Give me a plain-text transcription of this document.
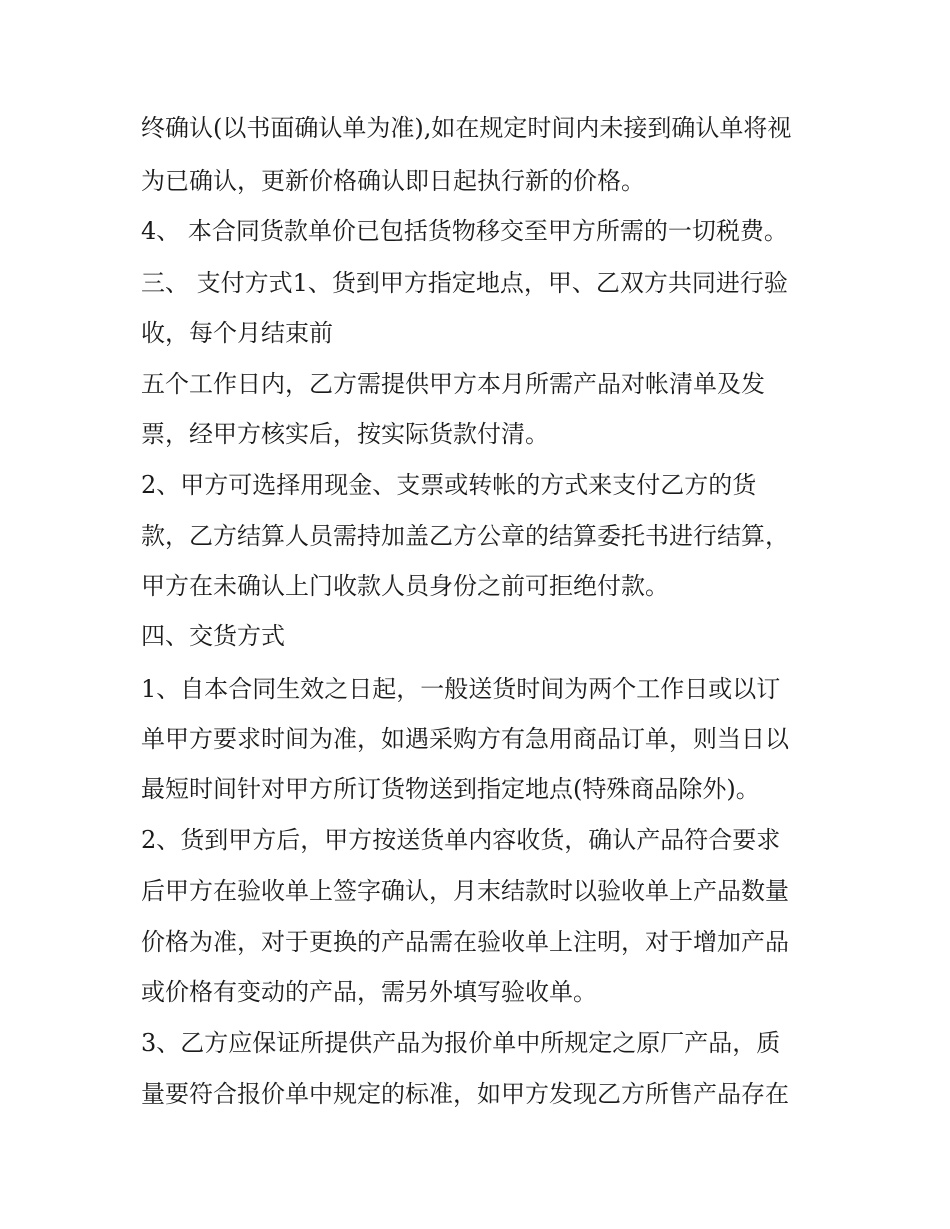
终确认(以书面确认单为准),如在规定时间内未接到确认单将视
为已确认，更新价格确认即日起执行新的价格。
4、 本合同货款单价已包括货物移交至甲方所需的一切税费。
三、 支付方式1、货到甲方指定地点，甲、乙双方共同进行验
收，每个月结束前
五个工作日内，乙方需提供甲方本月所需产品对帐清单及发
票，经甲方核实后，按实际货款付清。
2、甲方可选择用现金、支票或转帐的方式来支付乙方的货
款，乙方结算人员需持加盖乙方公章的结算委托书进行结算，
甲方在未确认上门收款人员身份之前可拒绝付款。
四、交货方式
1、自本合同生效之日起，一般送货时间为两个工作日或以订
单甲方要求时间为准，如遇采购方有急用商品订单，则当日以
最短时间针对甲方所订货物送到指定地点(特殊商品除外)。
2、货到甲方后，甲方按送货单内容收货，确认产品符合要求
后甲方在验收单上签字确认，月末结款时以验收单上产品数量
价格为准，对于更换的产品需在验收单上注明，对于增加产品
或价格有变动的产品，需另外填写验收单。
3、乙方应保证所提供产品为报价单中所规定之原厂产品，质
量要符合报价单中规定的标准，如甲方发现乙方所售产品存在
